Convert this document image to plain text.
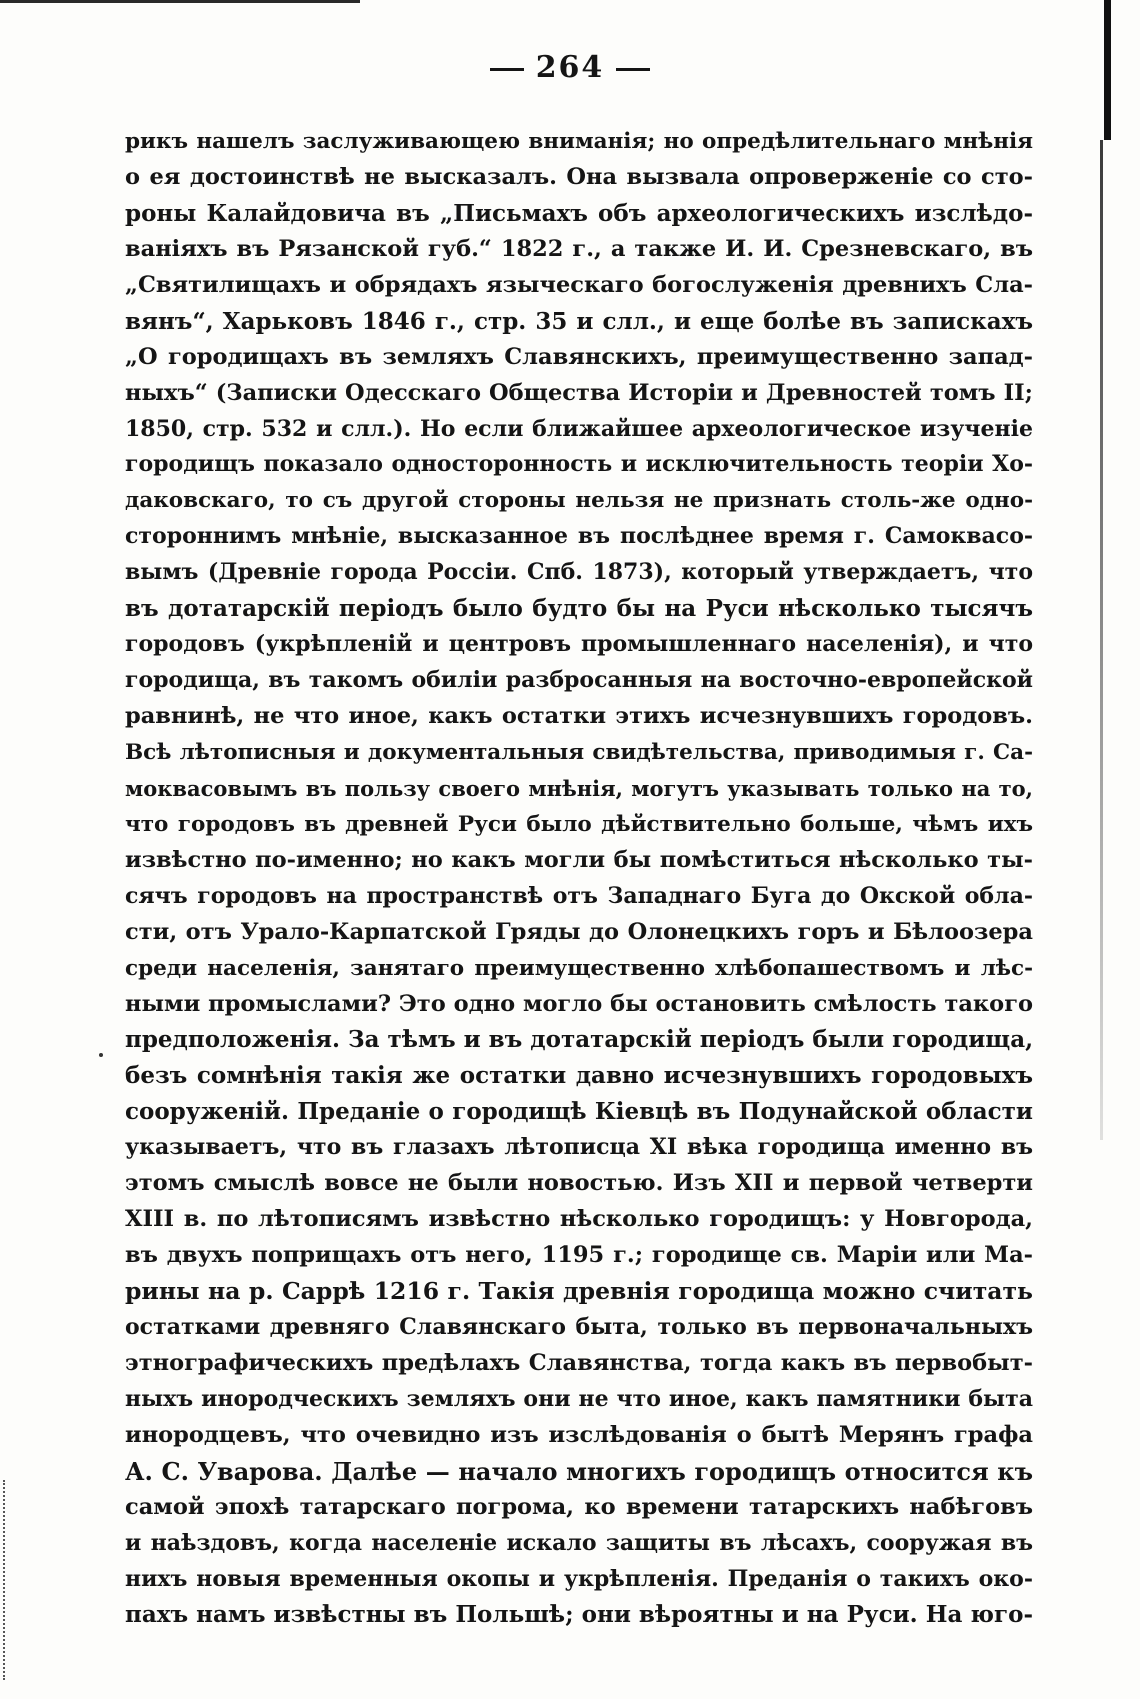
264
рикъ нашелъ заслуживающею вниманія; но опредѣлительнаго мнѣнія
о ея достоинствѣ не высказалъ. Она вызвала опроверженіе со сто-
роны Калайдовича въ „Письмахъ объ археологическихъ изслѣдо-
ваніяхъ въ Рязанской губ.“ 1822 г., а также И. И. Срезневскаго, въ
„Святилищахъ и обрядахъ языческаго богослуженія древнихъ Сла-
вянъ“, Харьковъ 1846 г., стр. 35 и слл., и еще болѣе въ запискахъ
„О городищахъ въ земляхъ Славянскихъ, преимущественно запад-
ныхъ“ (Записки Одесскаго Общества Исторіи и Древностей томъ II;
1850, стр. 532 и слл.). Но если ближайшее археологическое изученіе
городищъ показало односторонность и исключительность теоріи Хо-
даковскаго, то съ другой стороны нельзя не признать столь-же одно-
стороннимъ мнѣніе, высказанное въ послѣднее время г. Самоквасо-
вымъ (Древніе города Россіи. Спб. 1873), который утверждаетъ, что
въ дотатарскій періодъ было будто бы на Руси нѣсколько тысячъ
городовъ (укрѣпленій и центровъ промышленнаго населенія), и что
городища, въ такомъ обиліи разбросанныя на восточно-европейской
равнинѣ, не что иное, какъ остатки этихъ исчезнувшихъ городовъ.
Всѣ лѣтописныя и документальныя свидѣтельства, приводимыя г. Са-
моквасовымъ въ пользу своего мнѣнія, могутъ указывать только на то,
что городовъ въ древней Руси было дѣйствительно больше, чѣмъ ихъ
извѣстно по-именно; но какъ могли бы помѣститься нѣсколько ты-
сячъ городовъ на пространствѣ отъ Западнаго Буга до Окской обла-
сти, отъ Урало-Карпатской Гряды до Олонецкихъ горъ и Бѣлоозера
среди населенія, занятаго преимущественно хлѣбопашествомъ и лѣс-
ными промыслами? Это одно могло бы остановить смѣлость такого
предположенія. За тѣмъ и въ дотатарскій періодъ были городища,
безъ сомнѣнія такія же остатки давно исчезнувшихъ городовыхъ
сооруженій. Преданіе о городищѣ Кіевцѣ въ Подунайской области
указываетъ, что въ глазахъ лѣтописца XI вѣка городища именно въ
этомъ смыслѣ вовсе не были новостью. Изъ XII и первой четверти
XIII в. по лѣтописямъ извѣстно нѣсколько городищъ: у Новгорода,
въ двухъ поприщахъ отъ него, 1195 г.; городище св. Маріи или Ма-
рины на р. Саррѣ 1216 г. Такія древнія городища можно считать
остатками древняго Славянскаго быта, только въ первоначальныхъ
этнографическихъ предѣлахъ Славянства, тогда какъ въ первобыт-
ныхъ инородческихъ земляхъ они не что иное, какъ памятники быта
инородцевъ, что очевидно изъ изслѣдованія о бытѣ Мерянъ графа
А. С. Уварова. Далѣе — начало многихъ городищъ относится къ
самой эпохѣ татарскаго погрома, ко времени татарскихъ набѣговъ
и наѣздовъ, когда населеніе искало защиты въ лѣсахъ, сооружая въ
нихъ новыя временныя окопы и укрѣпленія. Преданія о такихъ око-
пахъ намъ извѣстны въ Польшѣ; они вѣроятны и на Руси. На юго-
